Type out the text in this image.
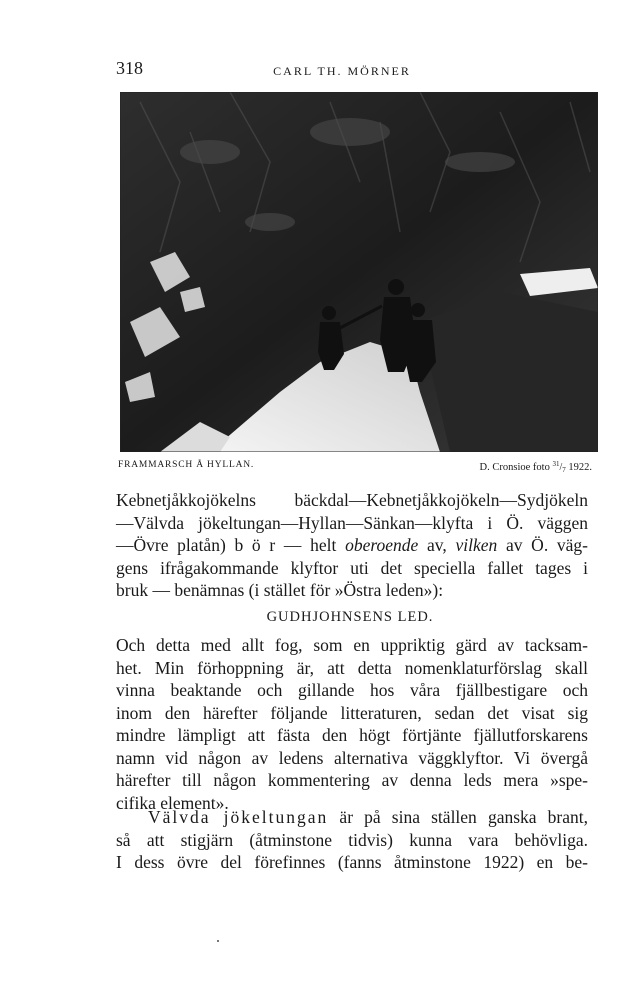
318	CARL TH. MÖRNER
FRAMMARSCH Å HYLLAN.	D. Cronsioe foto $^{31}/_7$ 1922.
Kebnetjåkkojökelns bäckdal—Kebnetjåkkojökeln—Sydjökeln
—Välvda jökeltungan—Hyllan—Sänkan—klyfta i Ö. väggen
—Övre platån) b ö r — helt oberoende av, vilken av Ö. väg-
gens ifrågakommande klyftor uti det speciella fallet tages i
bruk — benämnas (i stället för »Östra leden»):
GUDHJOHNSENS LED.
Och detta med allt fog, som en uppriktig gärd av tacksam-
het. Min förhoppning är, att detta nomenklaturförslag skall
vinna beaktande och gillande hos våra fjällbestigare och
inom den härefter följande litteraturen, sedan det visat sig
mindre lämpligt att fästa den högt förtjänte fjällutforskarens
namn vid någon av ledens alternativa väggklyftor. Vi övergå
härefter till någon kommentering av denna leds mera »spe-
cifika element».
Välvda jökeltungan är på sina ställen ganska brant,
så att stigjärn (åtminstone tidvis) kunna vara behövliga.
I dess övre del förefinnes (fanns åtminstone 1922) en be-
